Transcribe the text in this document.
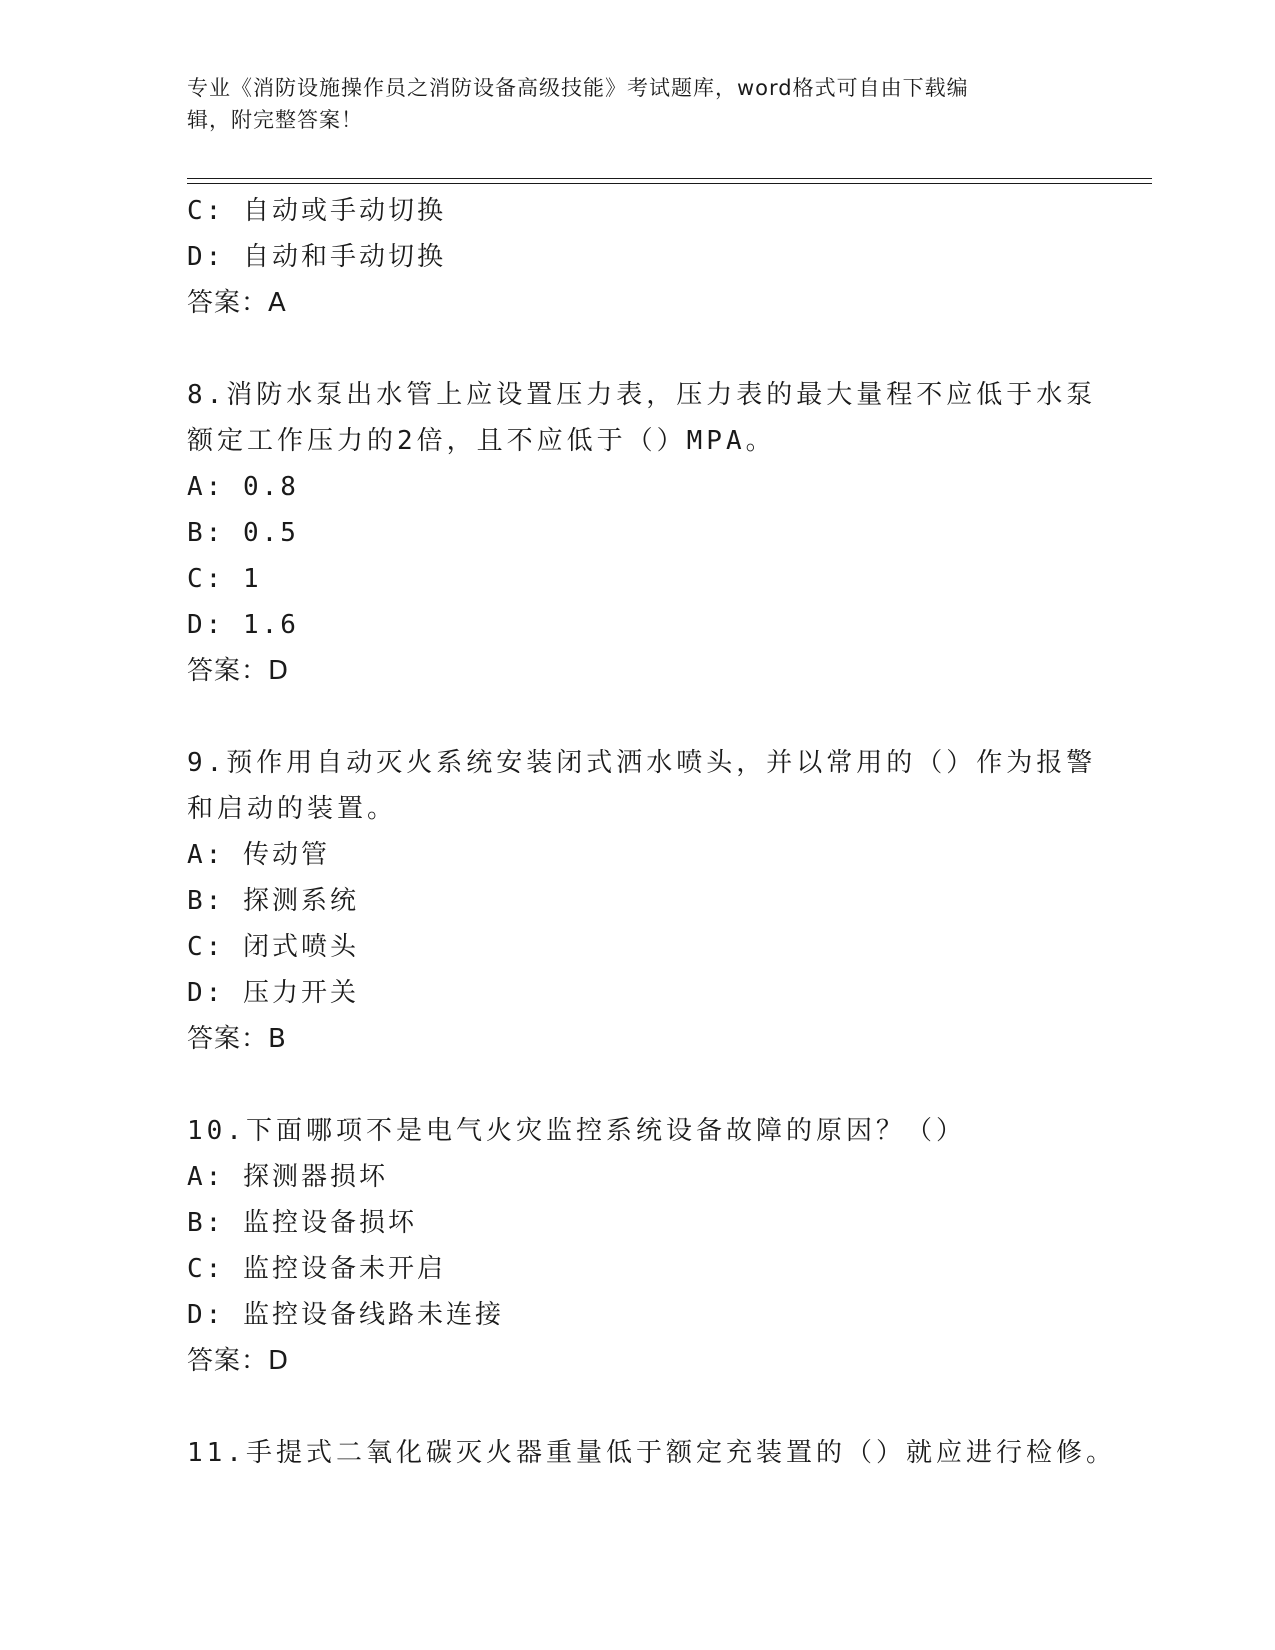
专业《消防设施操作员之消防设备高级技能》考试题库，word格式可自由下载编
辑，附完整答案！
C: 自动或手动切换
D: 自动和手动切换
答案：A
8.消防水泵出水管上应设置压力表，压力表的最大量程不应低于水泵
额定工作压力的2倍，且不应低于（）MPA。
A: 0.8
B: 0.5
C: 1
D: 1.6
答案：D
9.预作用自动灭火系统安装闭式洒水喷头，并以常用的（）作为报警
和启动的装置。
A: 传动管
B: 探测系统
C: 闭式喷头
D: 压力开关
答案：B
10.下面哪项不是电气火灾监控系统设备故障的原因？（）
A: 探测器损坏
B: 监控设备损坏
C: 监控设备未开启
D: 监控设备线路未连接
答案：D
11.手提式二氧化碳灭火器重量低于额定充装置的（）就应进行检修。
